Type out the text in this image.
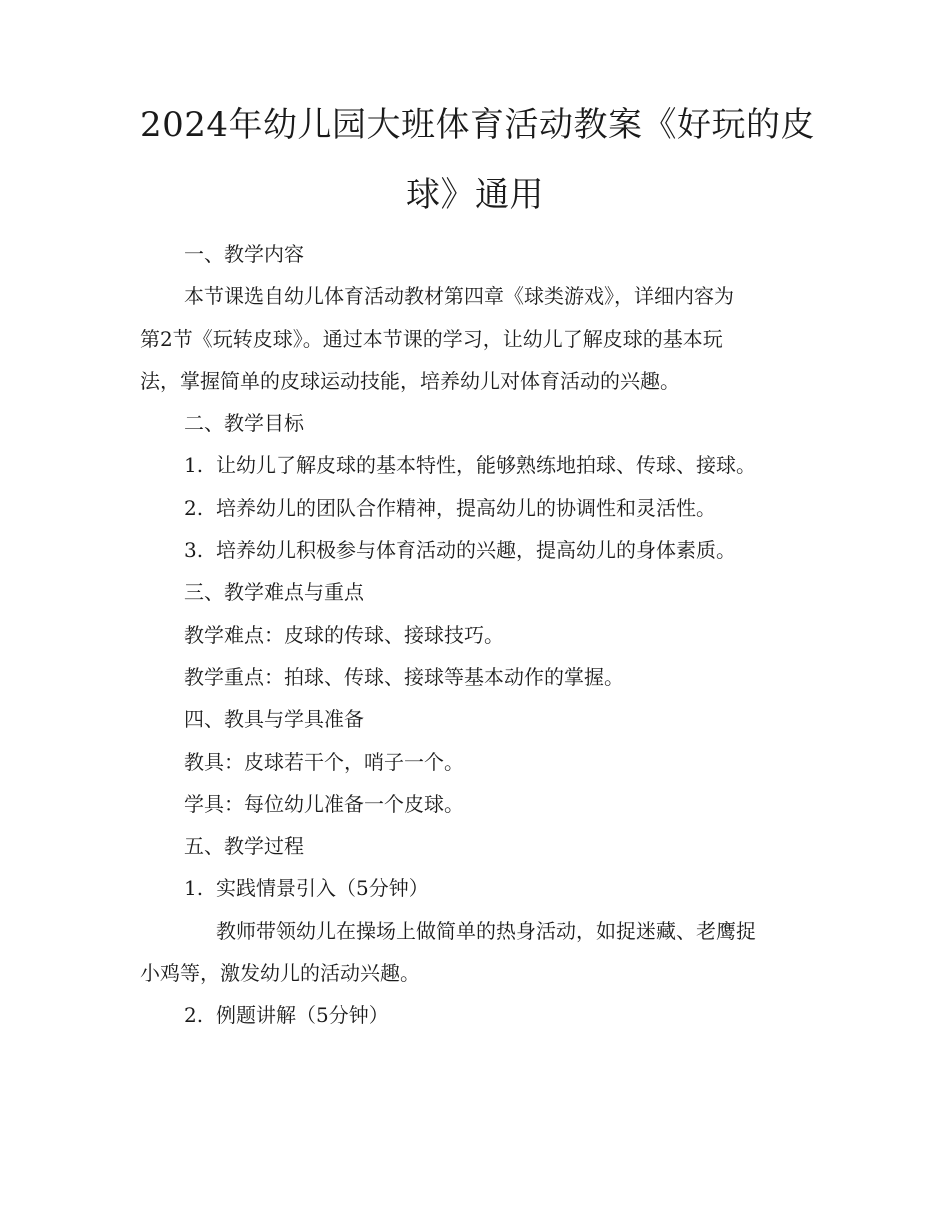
2024年幼儿园大班体育活动教案《好玩的皮
球》通用

一、教学内容

本节课选自幼儿体育活动教材第四章《球类游戏》，详细内容为

第2节《玩转皮球》。通过本节课的学习，让幼儿了解皮球的基本玩

法，掌握简单的皮球运动技能，培养幼儿对体育活动的兴趣。

二、教学目标

1. 让幼儿了解皮球的基本特性，能够熟练地拍球、传球、接球。

2. 培养幼儿的团队合作精神，提高幼儿的协调性和灵活性。

3. 培养幼儿积极参与体育活动的兴趣，提高幼儿的身体素质。

三、教学难点与重点

教学难点：皮球的传球、接球技巧。

教学重点：拍球、传球、接球等基本动作的掌握。

四、教具与学具准备

教具：皮球若干个，哨子一个。

学具：每位幼儿准备一个皮球。

五、教学过程

1. 实践情景引入（5分钟）

教师带领幼儿在操场上做简单的热身活动，如捉迷藏、老鹰捉

小鸡等，激发幼儿的活动兴趣。

2. 例题讲解（5分钟）
